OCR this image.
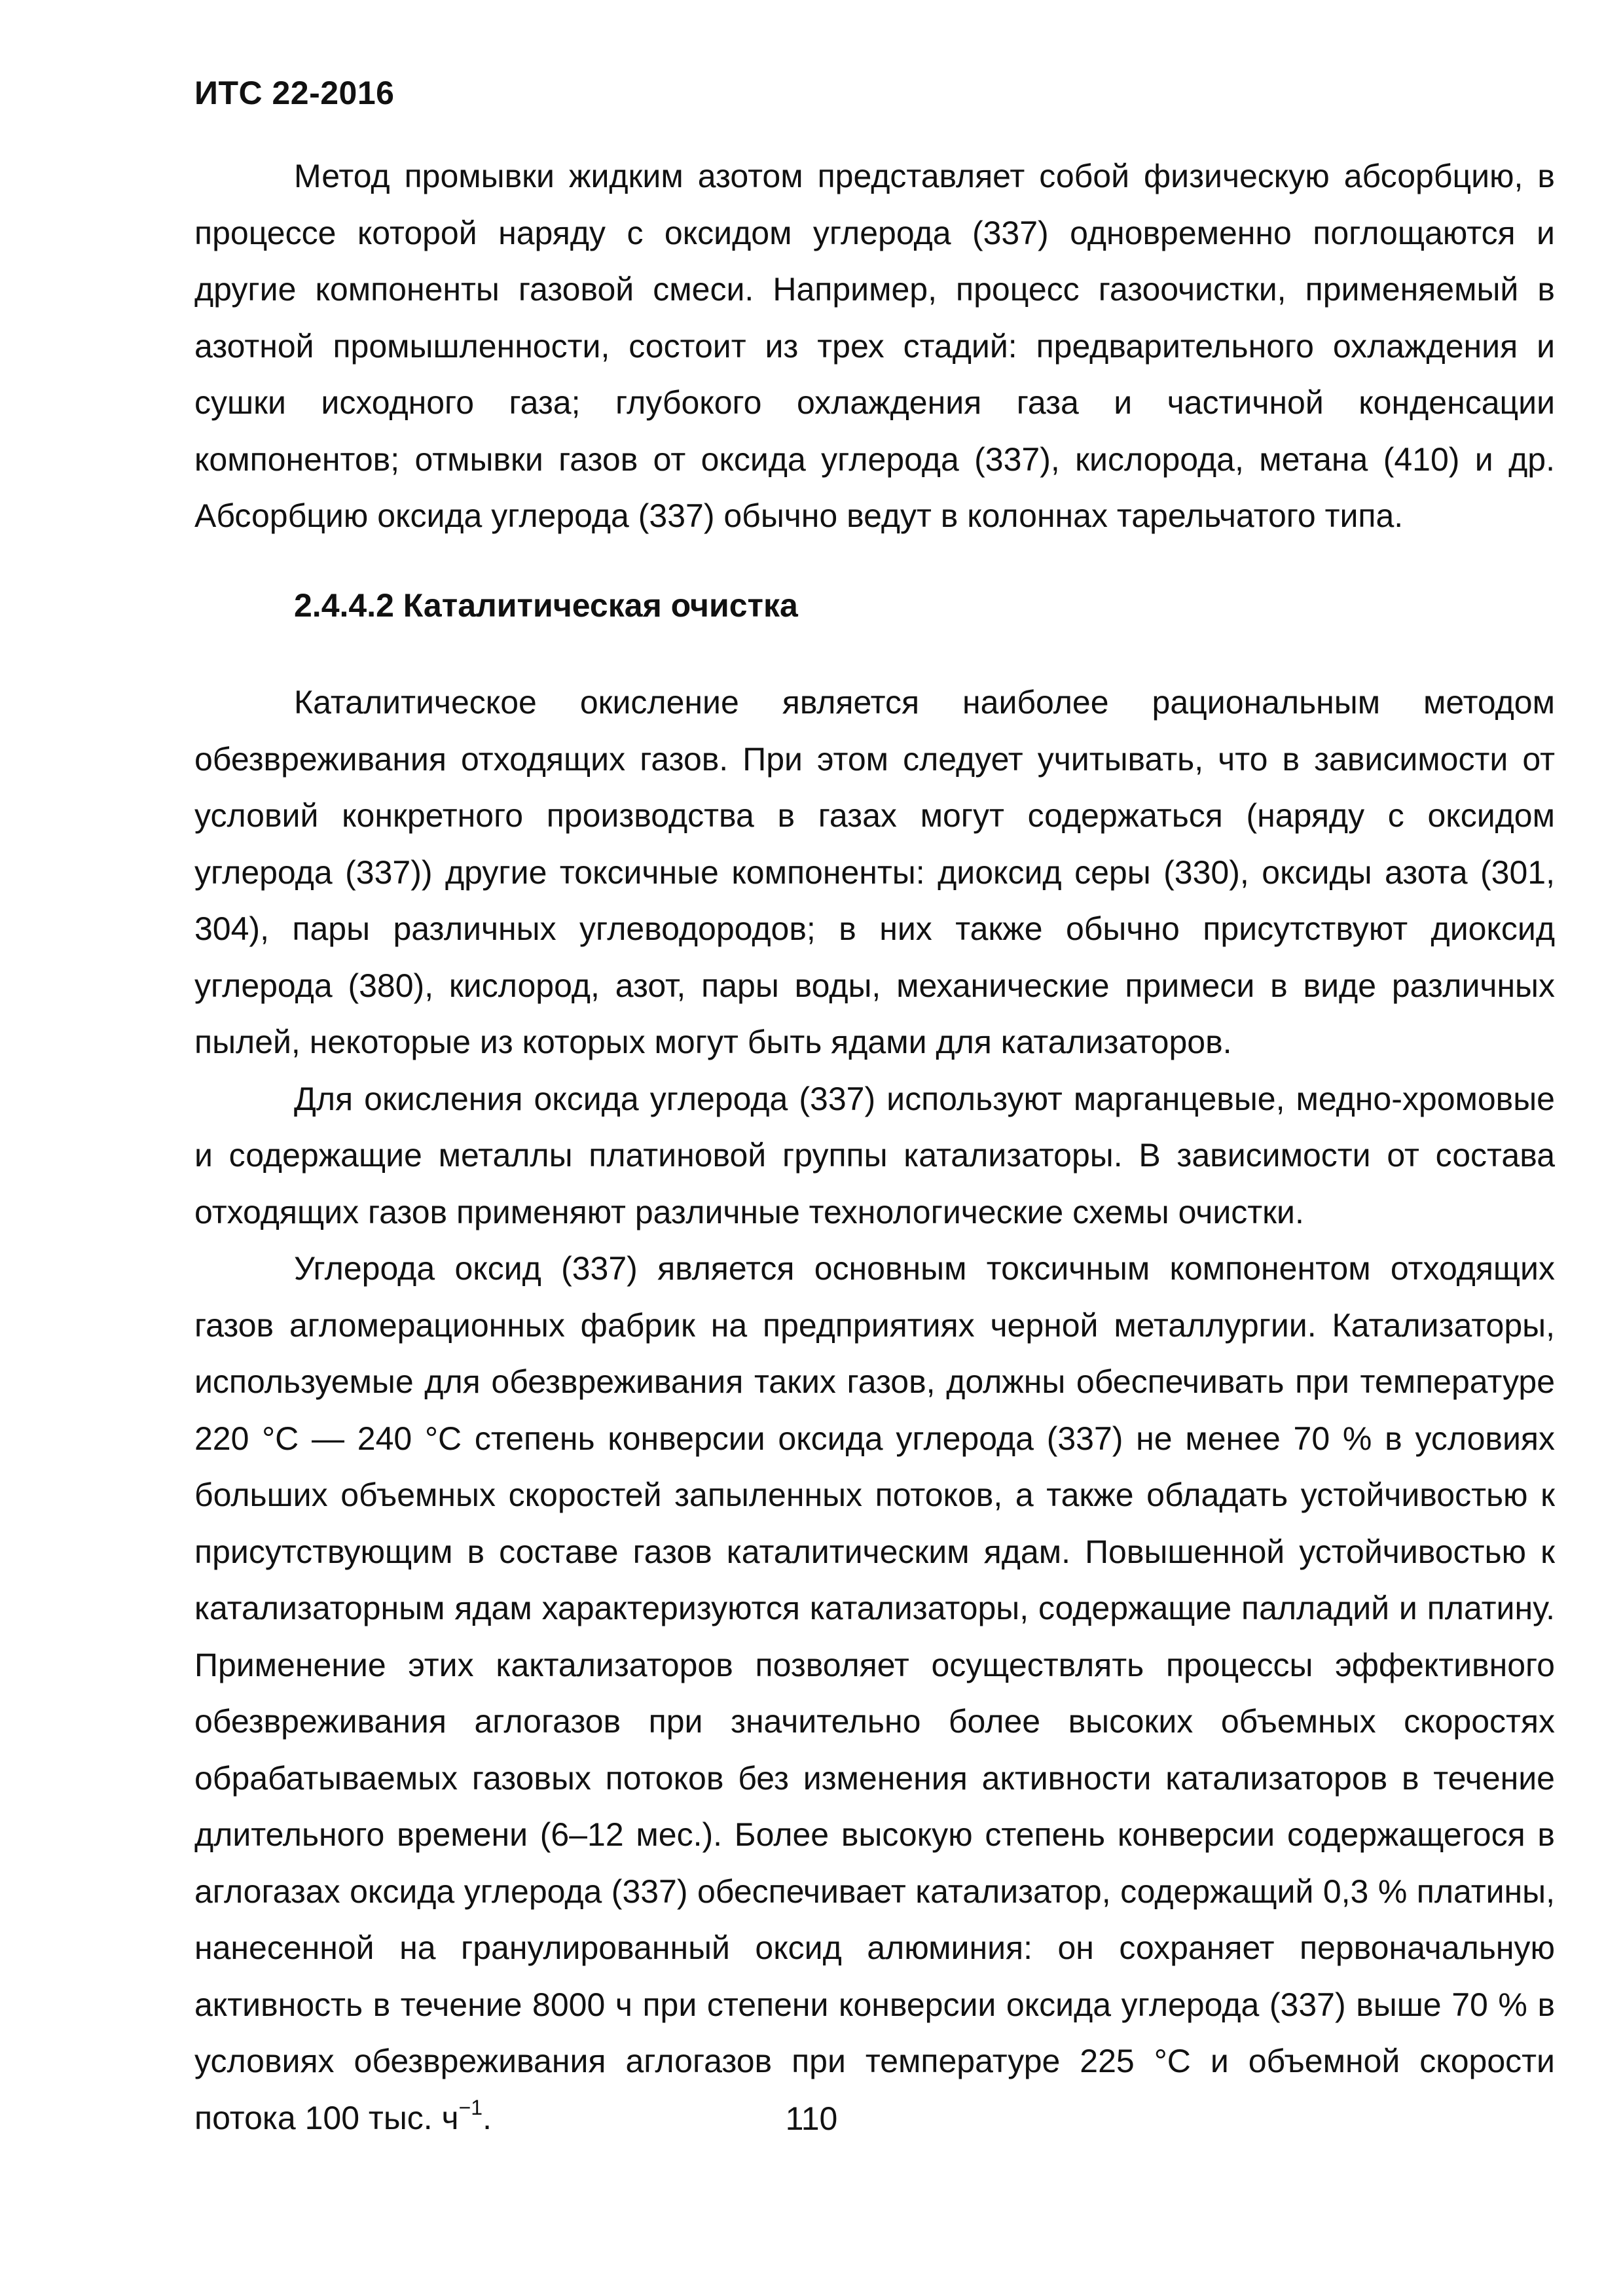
ИТС 22-2016

Метод промывки жидким азотом представляет собой физическую абсорбцию, в процессе которой наряду с оксидом углерода (337) одновременно поглощаются и другие компоненты газовой смеси. Например, процесс газоочистки, применяемый в азотной промышленности, состоит из трех стадий: предварительного охлаждения и сушки исходного газа; глубокого охлаждения газа и частичной конденсации компонентов; отмывки газов от оксида углерода (337), кислорода, метана (410) и др. Абсорбцию оксида углерода (337) обычно ведут в колоннах тарельчатого типа.

2.4.4.2 Каталитическая очистка

Каталитическое окисление является наиболее рациональным методом обезвреживания отходящих газов. При этом следует учитывать, что в зависимости от условий конкретного производства в газах могут содержаться (наряду с оксидом углерода (337)) другие токсичные компоненты: диоксид серы (330), оксиды азота (301, 304), пары различных углеводородов; в них также обычно присутствуют диоксид углерода (380), кислород, азот, пары воды, механические примеси в виде различных пылей, некоторые из которых могут быть ядами для катализаторов.

Для окисления оксида углерода (337) используют марганцевые, медно-хромовые и содержащие металлы платиновой группы катализаторы. В зависимости от состава отходящих газов применяют различные технологические схемы очистки.

Углерода оксид (337) является основным токсичным компонентом отходящих газов агломерационных фабрик на предприятиях черной металлургии. Катализаторы, используемые для обезвреживания таких газов, должны обеспечивать при температуре 220 °С — 240 °С степень конверсии оксида углерода (337) не менее 70 % в условиях больших объемных скоростей запыленных потоков, а также обладать устойчивостью к присутствующим в составе газов каталитическим ядам. Повышенной устойчивостью к катализаторным ядам характеризуются катализаторы, содержащие палладий и платину. Применение этих кактализаторов позволяет осуществлять процессы эффективного обезвреживания аглогазов при значительно более высоких объемных скоростях обрабатываемых газовых потоков без изменения активности катализаторов в течение длительного времени (6–12 мес.). Более высокую степень конверсии содержащегося в аглогазах оксида углерода (337) обеспечивает катализатор, содержащий 0,3 % платины, нанесенной на гранулированный оксид алюминия: он сохраняет первоначальную активность в течение 8000 ч при степени конверсии оксида углерода (337) выше 70 % в условиях обезвреживания аглогазов при температуре 225 °С и объемной скорости потока 100 тыс. $ч^{-1}$.	110
